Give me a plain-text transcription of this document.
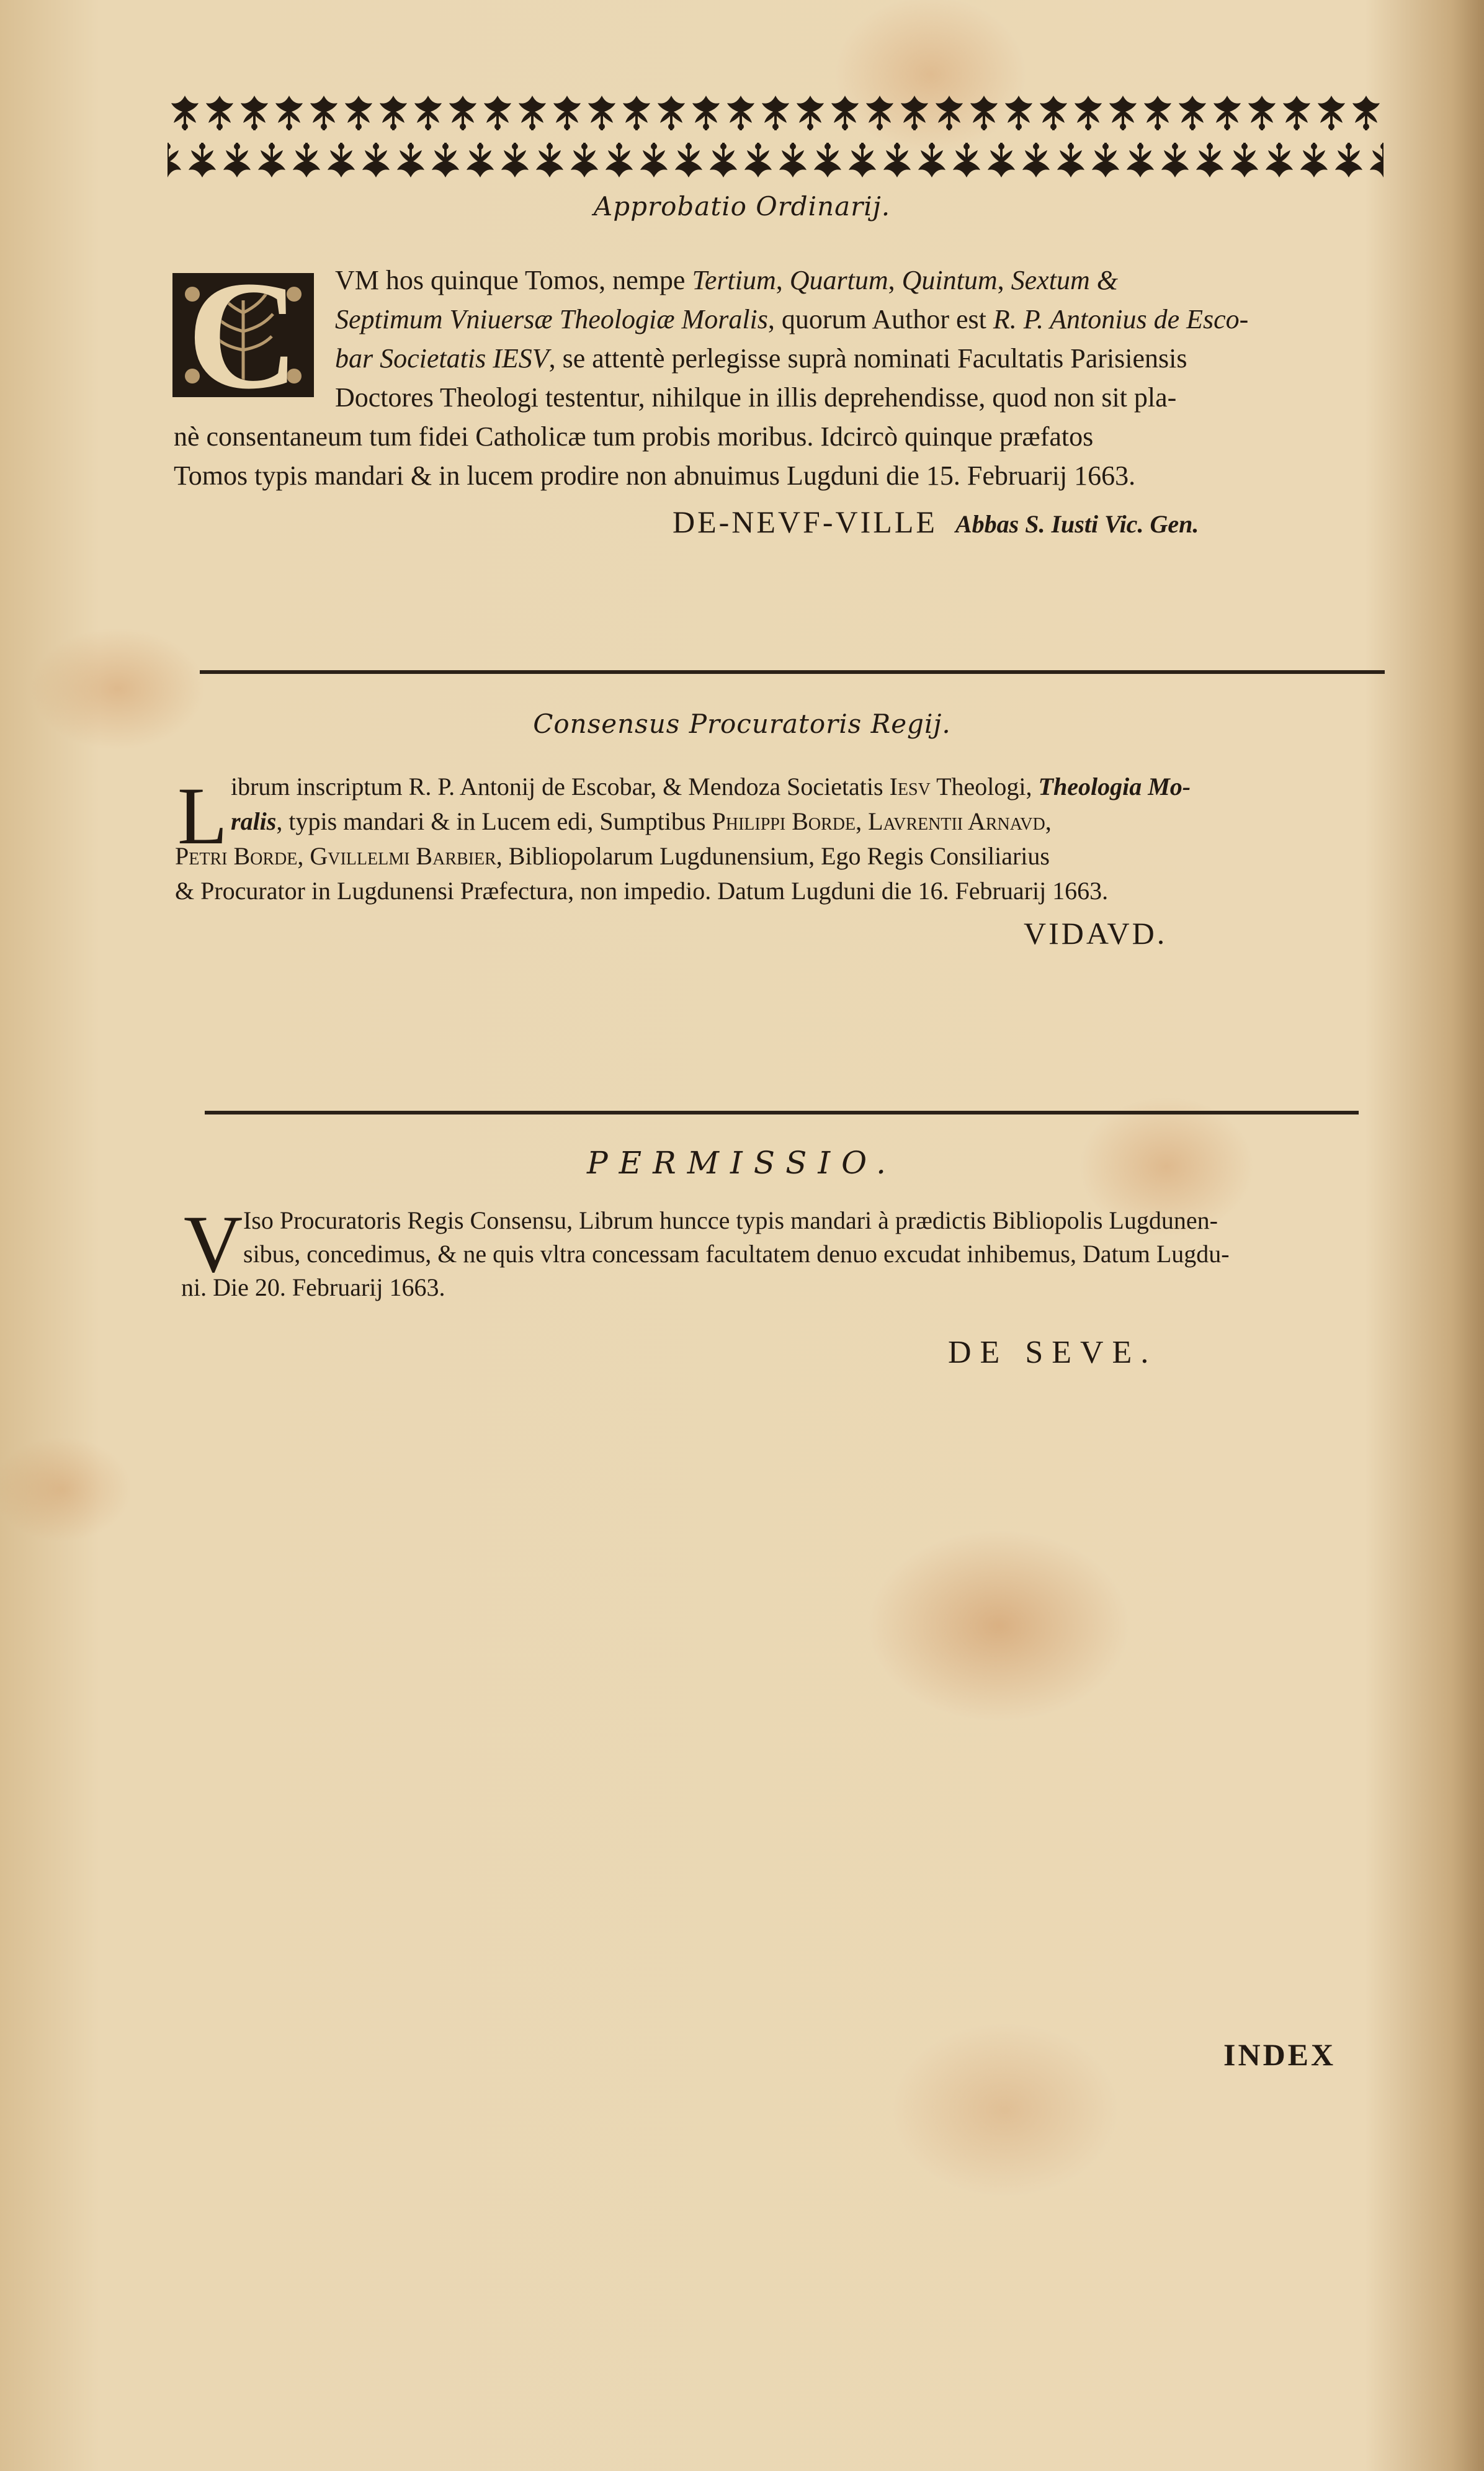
Approbatio Ordinarij.
C	VM hos quinque Tomos, nempe Tertium, Quartum, Quintum, Sextum &
Septimum Vniuersæ Theologiæ Moralis, quorum Author est R. P. Antonius de Esco-
bar Societatis IESV, se attentè perlegisse suprà nominati Facultatis Parisiensis
Doctores Theologi testentur, nihilque in illis deprehendisse, quod non sit pla-
nè consentaneum tum fidei Catholicæ tum probis moribus. Idcircò quinque præfatos
Tomos typis mandari & in lucem prodire non abnuimus Lugduni die 15. Februarij 1663.
DE-NEVF-VILLE Abbas S. Iusti Vic. Gen.
Consensus Procuratoris Regij.
L ibrum inscriptum R. P. Antonij de Escobar, & Mendoza Societatis Iesv Theologi, Theologia Mo-
ralis, typis mandari & in Lucem edi, Sumptibus Philippi Borde, Lavrentii Arnavd,
Petri Borde, Gvillelmi Barbier, Bibliopolarum Lugdunensium, Ego Regis Consiliarius
& Procurator in Lugdunensi Præfectura, non impedio. Datum Lugduni die 16. Februarij 1663.
VIDAVD.
PERMISSIO.
V Iso Procuratoris Regis Consensu, Librum huncce typis mandari à prædictis Bibliopolis Lugdunen-
sibus, concedimus, & ne quis vltra concessam facultatem denuo excudat inhibemus, Datum Lugdu-
ni. Die 20. Februarij 1663.
DE SEVE.
INDEX
